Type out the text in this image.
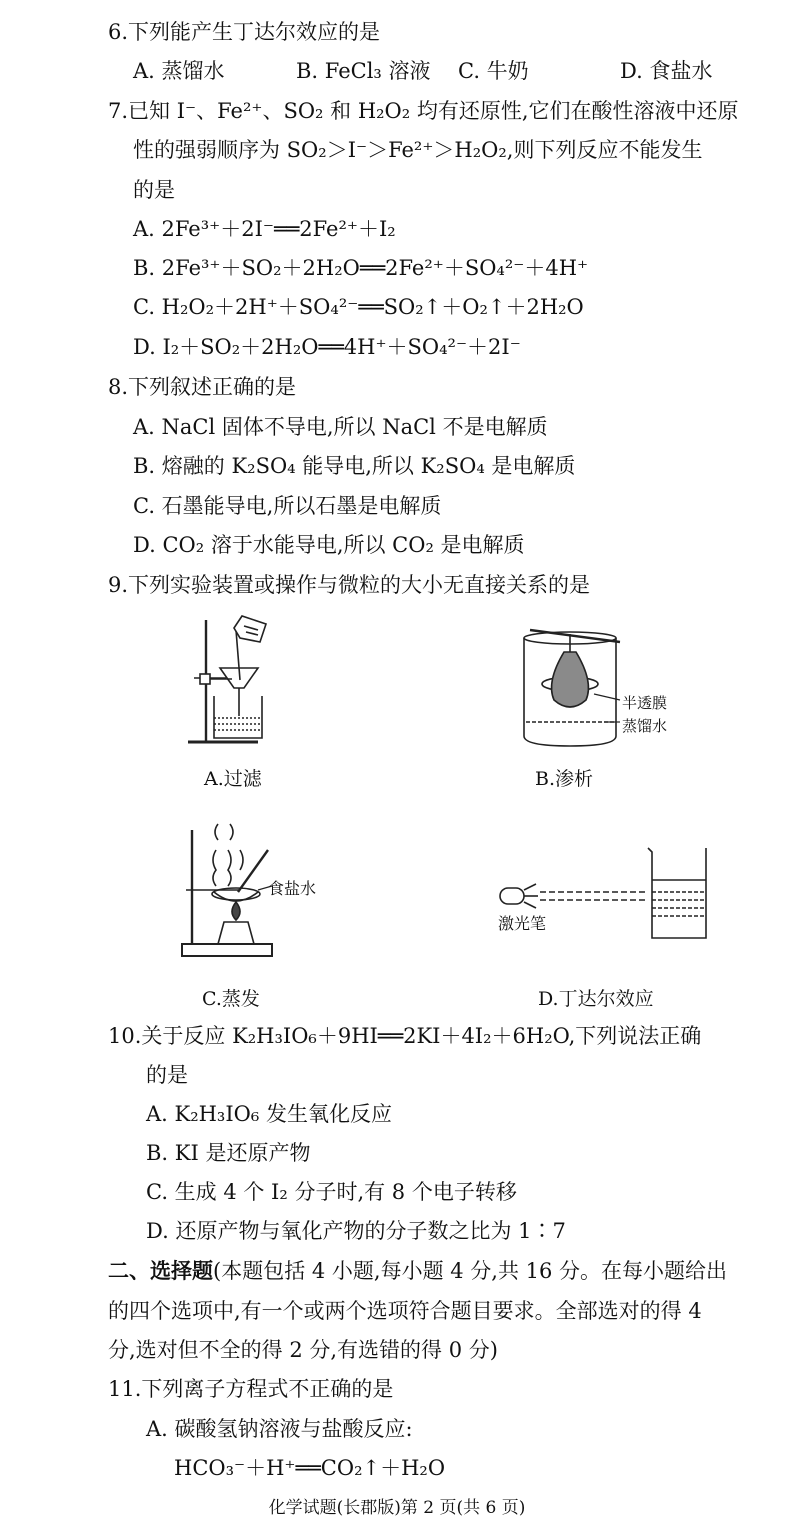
6.下列能产生丁达尔效应的是
A. 蒸馏水	B. FeCl₃ 溶液 C. 牛奶	D. 食盐水
7.已知 I⁻、Fe²⁺、SO₂ 和 H₂O₂ 均有还原性,它们在酸性溶液中还原
性的强弱顺序为 SO₂＞I⁻＞Fe²⁺＞H₂O₂,则下列反应不能发生
的是
A. 2Fe³⁺＋2I⁻══2Fe²⁺＋I₂
B. 2Fe³⁺＋SO₂＋2H₂O══2Fe²⁺＋SO₄²⁻＋4H⁺
C. H₂O₂＋2H⁺＋SO₄²⁻══SO₂↑＋O₂↑＋2H₂O
D. I₂＋SO₂＋2H₂O══4H⁺＋SO₄²⁻＋2I⁻
8.下列叙述正确的是
A. NaCl 固体不导电,所以 NaCl 不是电解质
B. 熔融的 K₂SO₄ 能导电,所以 K₂SO₄ 是电解质
C. 石墨能导电,所以石墨是电解质
D. CO₂ 溶于水能导电,所以 CO₂ 是电解质
9.下列实验装置或操作与微粒的大小无直接关系的是
A.过滤
半透膜
蒸馏水
B.渗析
食盐水
C.蒸发
激光笔
D.丁达尔效应
10.关于反应 K₂H₃IO₆＋9HI══2KI＋4I₂＋6H₂O,下列说法正确
的是
A. K₂H₃IO₆ 发生氧化反应
B. KI 是还原产物
C. 生成 4 个 I₂ 分子时,有 8 个电子转移
D. 还原产物与氧化产物的分子数之比为 1∶7
二、选择题(本题包括 4 小题,每小题 4 分,共 16 分。在每小题给出
的四个选项中,有一个或两个选项符合题目要求。全部选对的得 4
分,选对但不全的得 2 分,有选错的得 0 分)
11.下列离子方程式不正确的是
A. 碳酸氢钠溶液与盐酸反应:
HCO₃⁻＋H⁺══CO₂↑＋H₂O
化学试题(长郡版)第 2 页(共 6 页)
